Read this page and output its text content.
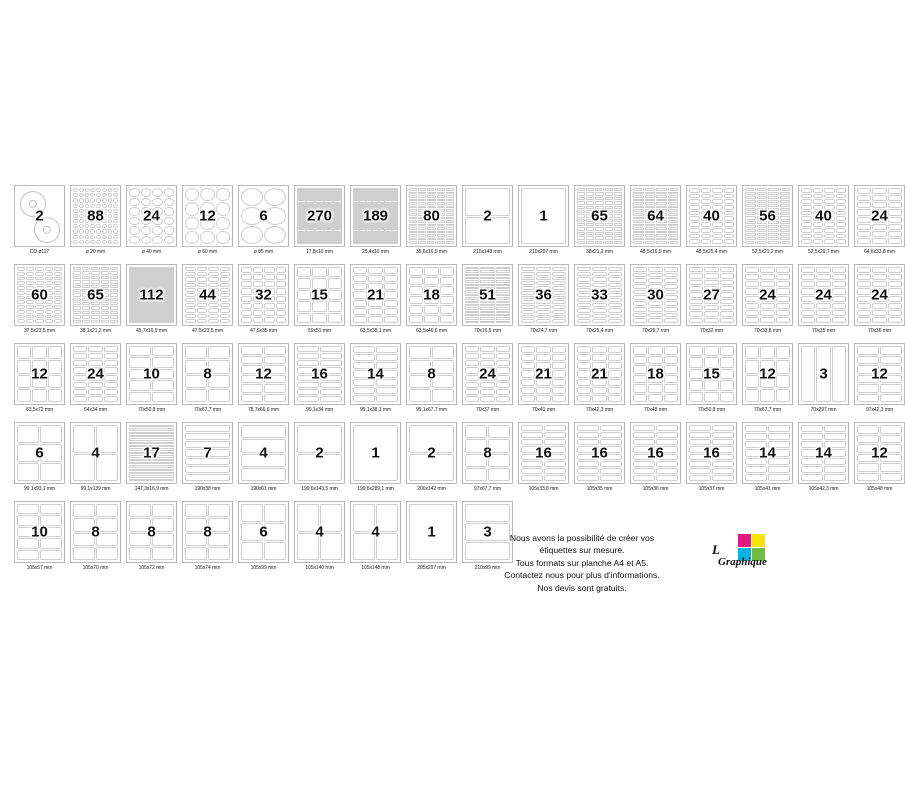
2
CD ø117
88
ø 20 mm
24
ø 40 mm
12
ø 60 mm
6
ø 85 mm
270
17,8x10 mm
189
25,4x10 mm
80
35,6x16,9 mm
2
210x148 mm
1
210x297 mm
65
38x21,2 mm
64
48,5x16,9 mm
40
48,5x25,4 mm
56
52,5x21,2 mm
40
52,5x29,7 mm
24
64,6x33,8 mm
60
37,5x23,5 mm
65
38,1x21,2 mm
112
45,7x16,9 mm
44
47,5x23,5 mm
32
47,5x35 mm
15
59x51 mm
21
63,5x38,1 mm
18
63,5x46,6 mm
51
70x16,9 mm
36
70x24,7 mm
33
70x25,4 mm
30
70x29,7 mm
27
70x32 mm
24
70x33,8 mm
24
70x35 mm
24
70x36 mm
12
63,5x72 mm
24
64x34 mm
10
70x50,8 mm
8
70x67,7 mm
12
78,7x66,6 mm
16
99,1x34 mm
14
99,1x38,1 mm
8
99,1x67,7 mm
24
70x37 mm
21
70x41 mm
21
70x42,3 mm
18
70x48 mm
15
70x50,8 mm
12
70x67,7 mm
3
70x297 mm
12
97x42,3 mm
6
99,1x93,1 mm
4
99,1x139 mm
17
147,3x16,9 mm
7
190x38 mm
4
190x61 mm
2
199,6x143,5 mm
1
199,6x289,1 mm
2
200x142 mm
8
97x67,7 mm
16
105x33,8 mm
16
105x35 mm
16
105x36 mm
16
105x37 mm
14
105x41 mm
14
105x42,3 mm
12
105x48 mm
10
105x57 mm
8
105x70 mm
8
105x72 mm
8
105x74 mm
6
105x99 mm
4
105x140 mm
4
105x148 mm
1
205x297 mm
3
210x99 mm
Nous avons la possibilité de créer vos
étiquettes sur mesure.
Tous formats sur planche A4 et A5.
Contactez nous pour plus d'informations.
Nos devis sont gratuits.
L
Graphique
